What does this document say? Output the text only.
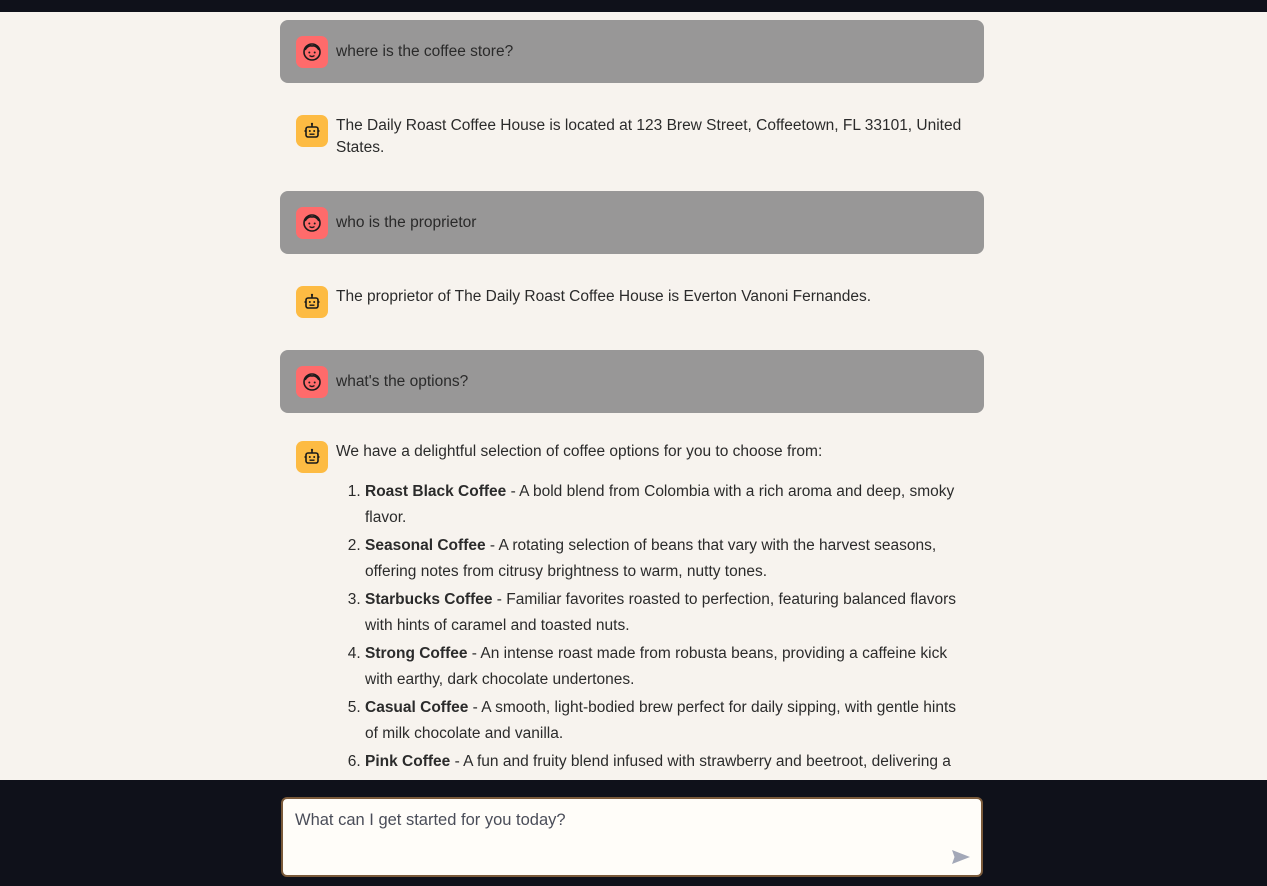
where is the coffee store?
The Daily Roast Coffee House is located at 123 Brew Street, Coffeetown, FL 33101, United States.
who is the proprietor
The proprietor of The Daily Roast Coffee House is Everton Vanoni Fernandes.
what's the options?
We have a delightful selection of coffee options for you to choose from:
1. Roast Black Coffee - A bold blend from Colombia with a rich aroma and deep, smoky flavor.
2. Seasonal Coffee - A rotating selection of beans that vary with the harvest seasons, offering notes from citrusy brightness to warm, nutty tones.
3. Starbucks Coffee - Familiar favorites roasted to perfection, featuring balanced flavors with hints of caramel and toasted nuts.
4. Strong Coffee - An intense roast made from robusta beans, providing a caffeine kick with earthy, dark chocolate undertones.
5. Casual Coffee - A smooth, light-bodied brew perfect for daily sipping, with gentle hints of milk chocolate and vanilla.
6. Pink Coffee - A fun and fruity blend infused with strawberry and beetroot, delivering a
What can I get started for you today?
